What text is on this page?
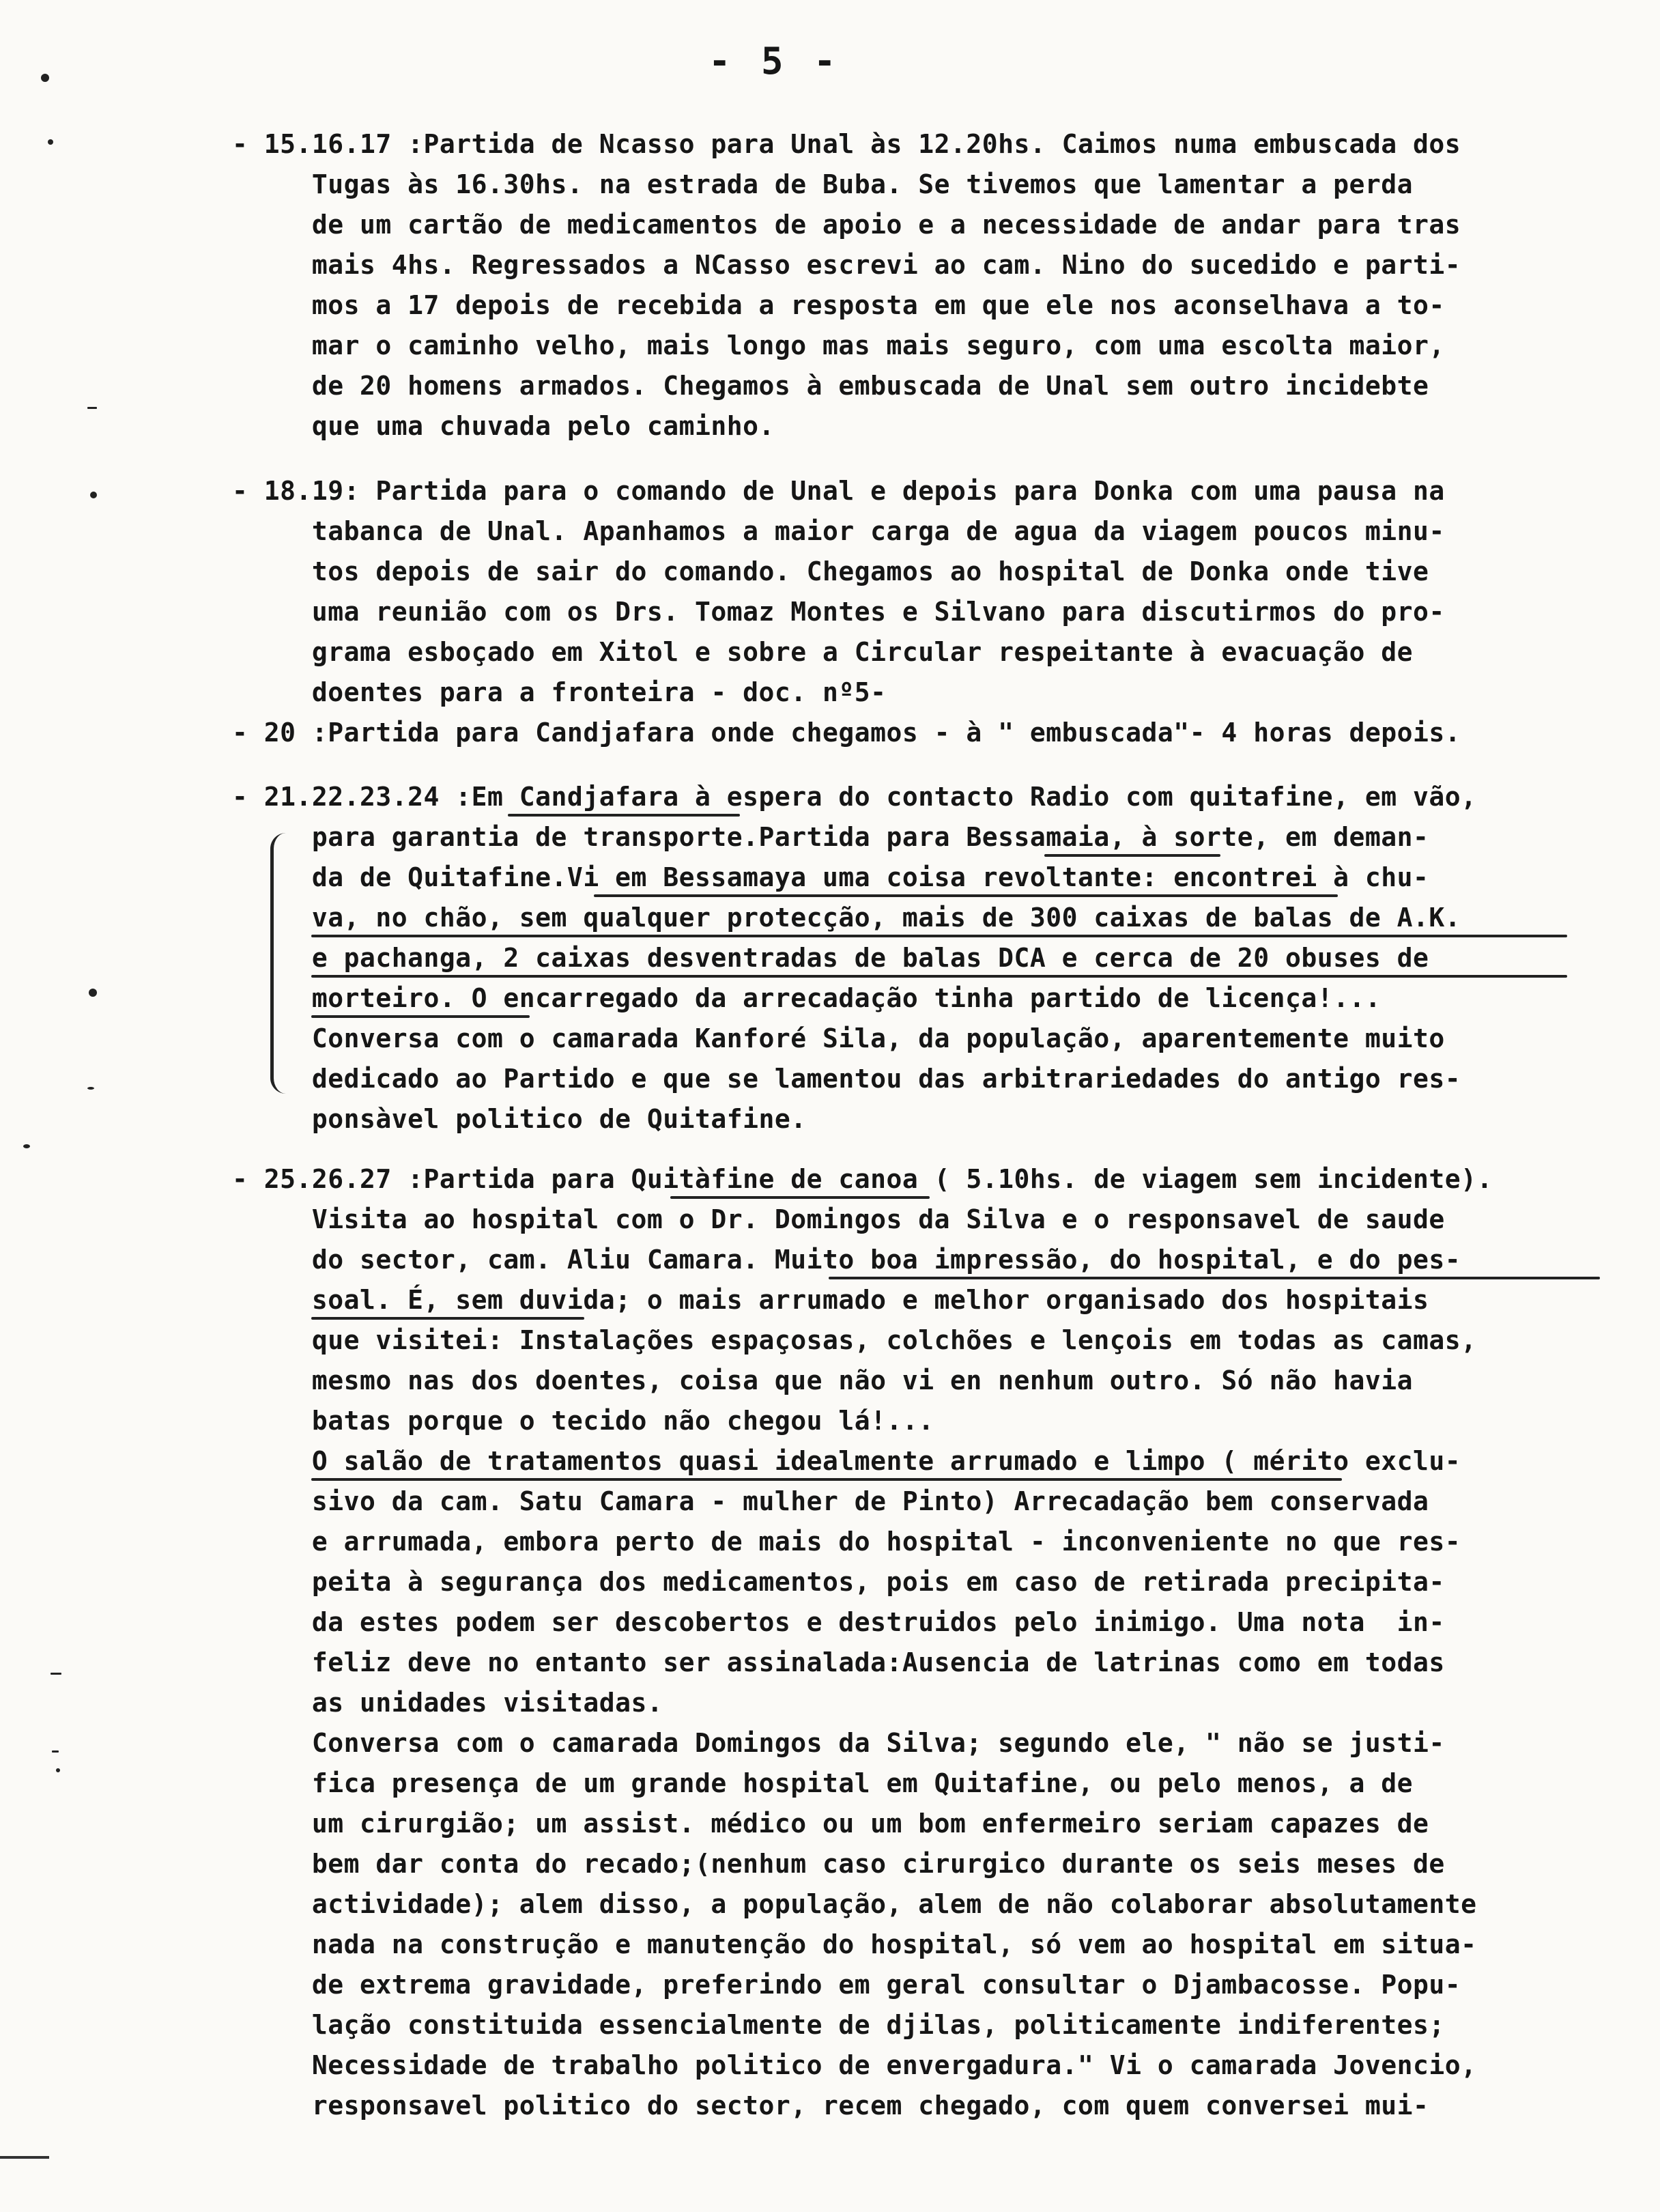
- 5 -
- 15.16.17 :Partida de Ncasso para Unal às 12.20hs. Caimos numa embuscada dos
Tugas às 16.30hs. na estrada de Buba. Se tivemos que lamentar a perda
de um cartão de medicamentos de apoio e a necessidade de andar para tras
mais 4hs. Regressados a NCasso escrevi ao cam. Nino do sucedido e parti-
mos a 17 depois de recebida a resposta em que ele nos aconselhava a to-
mar o caminho velho, mais longo mas mais seguro, com uma escolta maior,
de 20 homens armados. Chegamos à embuscada de Unal sem outro incidebte
que uma chuvada pelo caminho.
- 18.19: Partida para o comando de Unal e depois para Donka com uma pausa na
tabanca de Unal. Apanhamos a maior carga de agua da viagem poucos minu-
tos depois de sair do comando. Chegamos ao hospital de Donka onde tive
uma reunião com os Drs. Tomaz Montes e Silvano para discutirmos do pro-
grama esboçado em Xitol e sobre a Circular respeitante à evacuação de
doentes para a fronteira - doc. nº5-
- 20 :Partida para Candjafara onde chegamos - à " embuscada"- 4 horas depois.
- 21.22.23.24 :Em Candjafara à espera do contacto Radio com quitafine, em vão,
para garantia de transporte.Partida para Bessamaia, à sorte, em deman-
da de Quitafine.Vi em Bessamaya uma coisa revoltante: encontrei à chu-
va, no chão, sem qualquer protecção, mais de 300 caixas de balas de A.K.
e pachanga, 2 caixas desventradas de balas DCA e cerca de 20 obuses de
morteiro. O encarregado da arrecadação tinha partido de licença!...
Conversa com o camarada Kanforé Sila, da população, aparentemente muito
dedicado ao Partido e que se lamentou das arbitrariedades do antigo res-
ponsàvel politico de Quitafine.
- 25.26.27 :Partida para Quitàfine de canoa ( 5.10hs. de viagem sem incidente).
Visita ao hospital com o Dr. Domingos da Silva e o responsavel de saude
do sector, cam. Aliu Camara. Muito boa impressão, do hospital, e do pes-
soal. É, sem duvida; o mais arrumado e melhor organisado dos hospitais
que visitei: Instalações espaçosas, colchões e lençois em todas as camas,
mesmo nas dos doentes, coisa que não vi en nenhum outro. Só não havia
batas porque o tecido não chegou lá!...
O salão de tratamentos quasi idealmente arrumado e limpo ( mérito exclu-
sivo da cam. Satu Camara - mulher de Pinto) Arrecadação bem conservada
e arrumada, embora perto de mais do hospital - inconveniente no que res-
peita à segurança dos medicamentos, pois em caso de retirada precipita-
da estes podem ser descobertos e destruidos pelo inimigo. Uma nota  in-
feliz deve no entanto ser assinalada:Ausencia de latrinas como em todas
as unidades visitadas.
Conversa com o camarada Domingos da Silva; segundo ele, " não se justi-
fica presença de um grande hospital em Quitafine, ou pelo menos, a de
um cirurgião; um assist. médico ou um bom enfermeiro seriam capazes de
bem dar conta do recado;(nenhum caso cirurgico durante os seis meses de
actividade); alem disso, a população, alem de não colaborar absolutamente
nada na construção e manutenção do hospital, só vem ao hospital em situa-
de extrema gravidade, preferindo em geral consultar o Djambacosse. Popu-
lação constituida essencialmente de djilas, politicamente indiferentes;
Necessidade de trabalho politico de envergadura." Vi o camarada Jovencio,
responsavel politico do sector, recem chegado, com quem conversei mui-
